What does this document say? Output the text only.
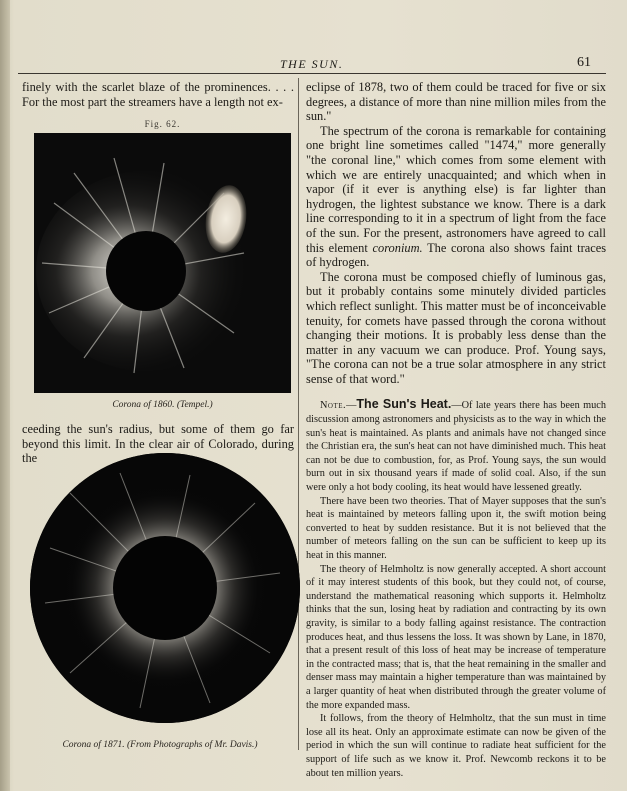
THE SUN.	61

finely with the scarlet blaze of the prominences. . . . For the most part the streamers have a length not ex-

Fig. 62.
Corona of 1860. (Tempel.)

ceeding the sun's radius, but some of them go far beyond this limit. In the clear air of Colorado, during the

Corona of 1871. (From Photographs of Mr. Davis.)

eclipse of 1878, two of them could be traced for five or six degrees, a distance of more than nine million miles from the sun."

The spectrum of the corona is remarkable for containing one bright line sometimes called "1474," more generally "the coronal line," which comes from some element with which we are entirely unacquainted; and which when in vapor (if it ever is anything else) is far lighter than hydrogen, the lightest substance we know. There is a dark line corresponding to it in a spectrum of light from the face of the sun. For the present, astronomers have agreed to call this element coronium. The corona also shows faint traces of hydrogen.

The corona must be composed chiefly of luminous gas, but it probably contains some minutely divided particles which reflect sunlight. This matter must be of inconceivable tenuity, for comets have passed through the corona without changing their motions. It is probably less dense than the matter in any vacuum we can produce. Prof. Young says, "The corona can not be a true solar atmosphere in any strict sense of that word."

Note.—The Sun's Heat.—Of late years there has been much discussion among astronomers and physicists as to the way in which the sun's heat is maintained. As plants and animals have not changed since the Christian era, the sun's heat can not have diminished much. This heat can not be due to combustion, for, as Prof. Young says, the sun would burn out in six thousand years if made of solid coal. Also, if the sun were only a hot body cooling, its heat would have lessened greatly.

There have been two theories. That of Mayer supposes that the sun's heat is maintained by meteors falling upon it, the swift motion being converted to heat by sudden resistance. But it is not believed that the number of meteors falling on the sun can be sufficient to keep up its heat in this manner.

The theory of Helmholtz is now generally accepted. A short account of it may interest students of this book, but they could not, of course, understand the mathematical reasoning which supports it. Helmholtz thinks that the sun, losing heat by radiation and contracting by its own gravity, is similar to a body falling against resistance. The contraction produces heat, and thus lessens the loss. It was shown by Lane, in 1870, that a present result of this loss of heat may be increase of temperature in the contracted mass; that is, that the heat remaining in the smaller and denser mass may maintain a higher temperature than was maintained by a larger quantity of heat when distributed through the greater volume of the more expanded mass.

It follows, from the theory of Helmholtz, that the sun must in time lose all its heat. Only an approximate estimate can now be given of the period in which the sun will continue to radiate heat sufficient for the support of life such as we know it. Prof. Newcomb reckons it to be about ten million years.
